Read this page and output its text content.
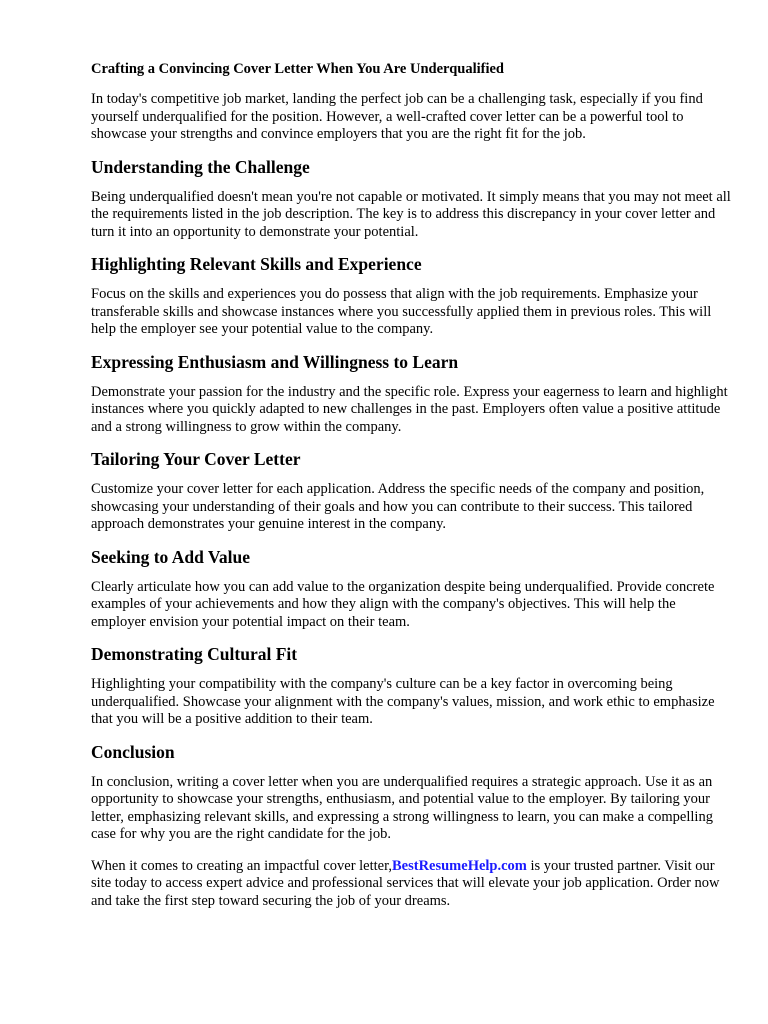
Crafting a Convincing Cover Letter When You Are Underqualified

In today's competitive job market, landing the perfect job can be a challenging task, especially if you find yourself underqualified for the position. However, a well-crafted cover letter can be a powerful tool to showcase your strengths and convince employers that you are the right fit for the job.

Understanding the Challenge

Being underqualified doesn't mean you're not capable or motivated. It simply means that you may not meet all the requirements listed in the job description. The key is to address this discrepancy in your cover letter and turn it into an opportunity to demonstrate your potential.

Highlighting Relevant Skills and Experience

Focus on the skills and experiences you do possess that align with the job requirements. Emphasize your transferable skills and showcase instances where you successfully applied them in previous roles. This will help the employer see your potential value to the company.

Expressing Enthusiasm and Willingness to Learn

Demonstrate your passion for the industry and the specific role. Express your eagerness to learn and highlight instances where you quickly adapted to new challenges in the past. Employers often value a positive attitude and a strong willingness to grow within the company.

Tailoring Your Cover Letter

Customize your cover letter for each application. Address the specific needs of the company and position, showcasing your understanding of their goals and how you can contribute to their success. This tailored approach demonstrates your genuine interest in the company.

Seeking to Add Value

Clearly articulate how you can add value to the organization despite being underqualified. Provide concrete examples of your achievements and how they align with the company's objectives. This will help the employer envision your potential impact on their team.

Demonstrating Cultural Fit

Highlighting your compatibility with the company's culture can be a key factor in overcoming being underqualified. Showcase your alignment with the company's values, mission, and work ethic to emphasize that you will be a positive addition to their team.

Conclusion

In conclusion, writing a cover letter when you are underqualified requires a strategic approach. Use it as an opportunity to showcase your strengths, enthusiasm, and potential value to the employer. By tailoring your letter, emphasizing relevant skills, and expressing a strong willingness to learn, you can make a compelling case for why you are the right candidate for the job.

When it comes to creating an impactful cover letter,BestResumeHelp.com is your trusted partner. Visit our site today to access expert advice and professional services that will elevate your job application. Order now and take the first step toward securing the job of your dreams.
